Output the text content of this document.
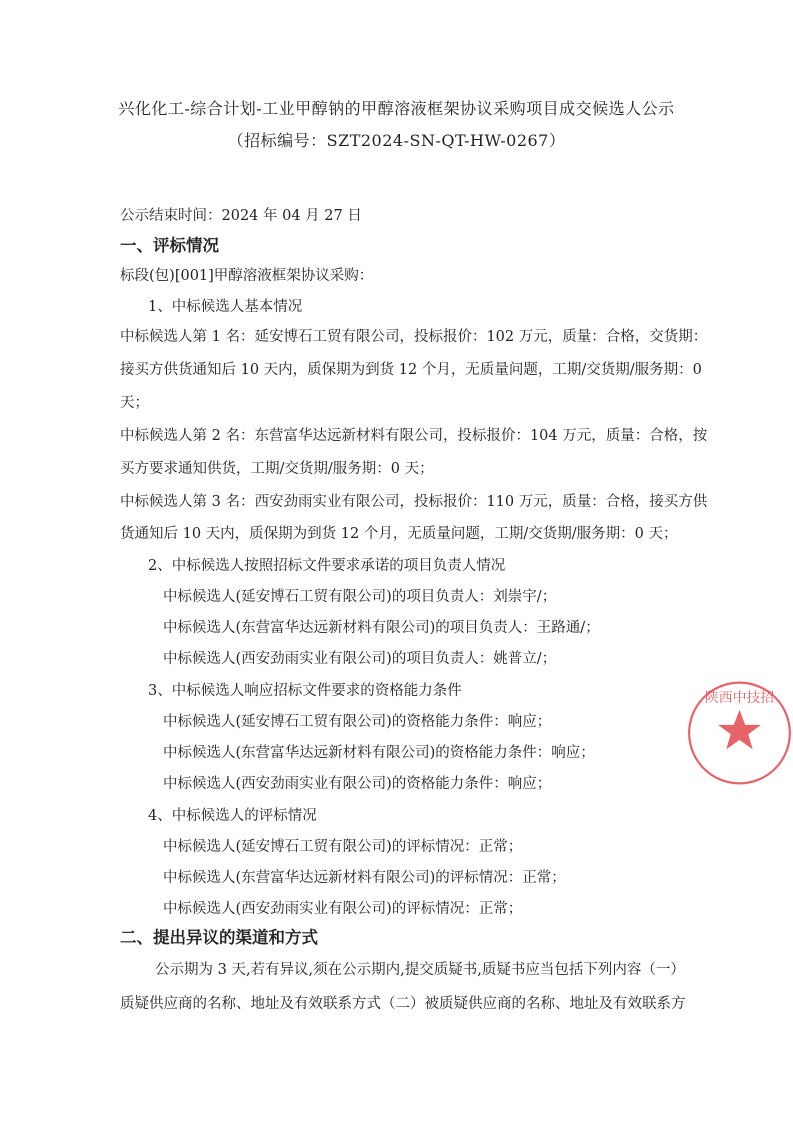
兴化化工-综合计划-工业甲醇钠的甲醇溶液框架协议采购项目成交候选人公示
（招标编号：SZT2024-SN-QT-HW-0267）
公示结束时间：2024 年 04 月 27 日
一、评标情况
标段(包)[001]甲醇溶液框架协议采购：
1、中标候选人基本情况
中标候选人第 1 名：延安博石工贸有限公司，投标报价：102 万元，质量：合格，交货期：
接买方供货通知后 10 天内，质保期为到货 12 个月，无质量问题，工期/交货期/服务期：0
天；
中标候选人第 2 名：东营富华达远新材料有限公司，投标报价：104 万元，质量：合格，按
买方要求通知供货，工期/交货期/服务期：0 天；
中标候选人第 3 名：西安劲雨实业有限公司，投标报价：110 万元，质量：合格，接买方供
货通知后 10 天内，质保期为到货 12 个月，无质量问题，工期/交货期/服务期：0 天；
2、中标候选人按照招标文件要求承诺的项目负责人情况
中标候选人(延安博石工贸有限公司)的项目负责人：刘崇宇/；
中标候选人(东营富华达远新材料有限公司)的项目负责人：王路通/；
中标候选人(西安劲雨实业有限公司)的项目负责人：姚普立/；
3、中标候选人响应招标文件要求的资格能力条件
中标候选人(延安博石工贸有限公司)的资格能力条件：响应；
中标候选人(东营富华达远新材料有限公司)的资格能力条件：响应；
中标候选人(西安劲雨实业有限公司)的资格能力条件：响应；
4、中标候选人的评标情况
中标候选人(延安博石工贸有限公司)的评标情况：正常；
中标候选人(东营富华达远新材料有限公司)的评标情况：正常；
中标候选人(西安劲雨实业有限公司)的评标情况：正常；
二、提出异议的渠道和方式
公示期为 3 天,若有异议,须在公示期内,提交质疑书,质疑书应当包括下列内容（一）
质疑供应商的名称、地址及有效联系方式（二）被质疑供应商的名称、地址及有效联系方
陕西中技招
